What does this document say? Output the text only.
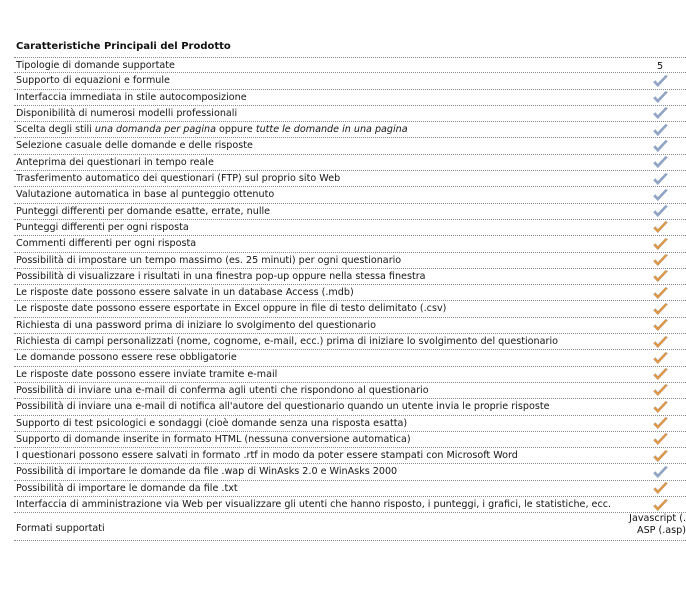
Caratteristiche Principali del Prodotto
Tipologie di domande supportate	5
Supporto di equazioni e formule
Interfaccia immediata in stile autocomposizione
Disponibilità di numerosi modelli professionali
Scelta degli stili una domanda per pagina oppure tutte le domande in una pagina
Selezione casuale delle domande e delle risposte
Anteprima dei questionari in tempo reale
Trasferimento automatico dei questionari (FTP) sul proprio sito Web
Valutazione automatica in base al punteggio ottenuto
Punteggi differenti per domande esatte, errate, nulle
Punteggi differenti per ogni risposta
Commenti differenti per ogni risposta
Possibilità di impostare un tempo massimo (es. 25 minuti) per ogni questionario
Possibilità di visualizzare i risultati in una finestra pop-up oppure nella stessa finestra
Le risposte date possono essere salvate in un database Access (.mdb)
Le risposte date possono essere esportate in Excel oppure in file di testo delimitato (.csv)
Richiesta di una password prima di iniziare lo svolgimento del questionario
Richiesta di campi personalizzati (nome, cognome, e-mail, ecc.) prima di iniziare lo svolgimento del questionario
Le domande possono essere rese obbligatorie
Le risposte date possono essere inviate tramite e-mail
Possibilità di inviare una e-mail di conferma agli utenti che rispondono al questionario
Possibilità di inviare una e-mail di notifica all'autore del questionario quando un utente invia le proprie risposte
Supporto di test psicologici e sondaggi (cioè domande senza una risposta esatta)
Supporto di domande inserite in formato HTML (nessuna conversione automatica)
I questionari possono essere salvati in formato .rtf in modo da poter essere stampati con Microsoft Word
Possibilità di importare le domande da file .wap di WinAsks 2.0 e WinAsks 2000
Possibilità di importare le domande da file .txt
Interfaccia di amministrazione via Web per visualizzare gli utenti che hanno risposto, i punteggi, i grafici, le statistiche, ecc.
Formati supportati
Javascript (.
ASP (.asp)
